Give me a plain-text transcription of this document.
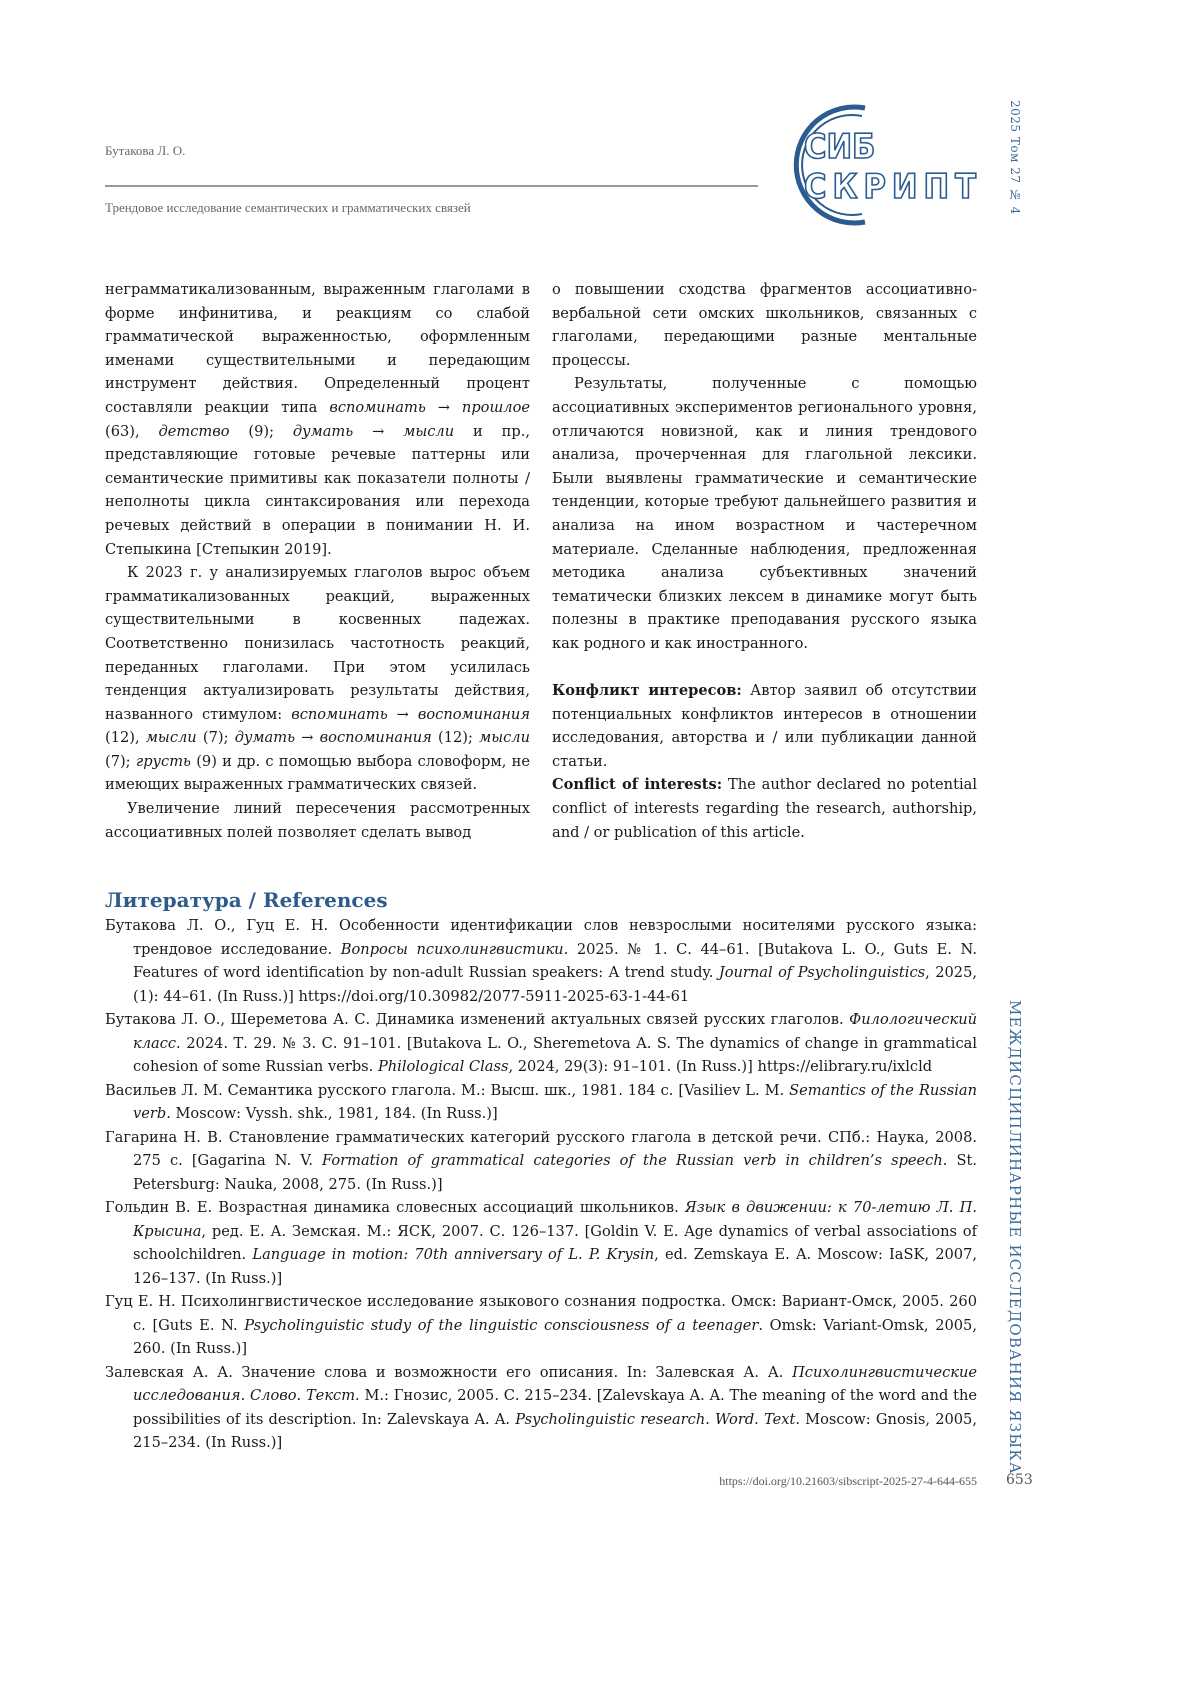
Бутакова Л. О.
Трендовое исследование семантических и грамматических связей
СИБ
СКРИПТ	2025 Том 27 № 4
МЕЖДИСЦИПЛИНАРНЫЕ ИССЛЕДОВАНИЯ ЯЗЫКА

неграмматикализованным, выраженным глаголами в форме инфинитива, и реакциям со слабой грамматической выраженностью, оформленным именами существительными и передающим инструмент действия. Определенный процент составляли реакции типа вспоминать → прошлое (63), детство (9); думать → мысли и пр., представляющие готовые речевые паттерны или семантические примитивы как показатели полноты / неполноты цикла синтаксирования или перехода речевых действий в операции в понимании Н. И. Степыкина [Степыкин 2019].

К 2023 г. у анализируемых глаголов вырос объем грамматикализованных реакций, выраженных существительными в косвенных падежах. Соответственно понизилась частотность реакций, переданных глаголами. При этом усилилась тенденция актуализировать результаты действия, названного стимулом: вспоминать → воспоминания (12), мысли (7); думать → воспоминания (12); мысли (7); грусть (9) и др. с помощью выбора словоформ, не имеющих выраженных грамматических связей.

Увеличение линий пересечения рассмотренных ассоциативных полей позволяет сделать вывод

о повышении сходства фрагментов ассоциативно-вербальной сети омских школьников, связанных с глаголами, передающими разные ментальные процессы.

Результаты, полученные с помощью ассоциативных экспериментов регионального уровня, отличаются новизной, как и линия трендового анализа, прочерченная для глагольной лексики. Были выявлены грамматические и семантические тенденции, которые требуют дальнейшего развития и анализа на ином возрастном и частеречном материале. Сделанные наблюдения, предложенная методика анализа субъективных значений тематически близких лексем в динамике могут быть полезны в практике преподавания русского языка как родного и как иностранного.

Конфликт интересов: Автор заявил об отсутствии потенциальных конфликтов интересов в отношении исследования, авторства и / или публикации данной статьи.

Conflict of interests: The author declared no potential conflict of interests regarding the research, authorship, and / or publication of this article.

Литература / References

Бутакова Л. О., Гуц Е. Н. Особенности идентификации слов невзрослыми носителями русского языка: трендовое исследование. Вопросы психолингвистики. 2025. № 1. С. 44–61. [Butakova L. O., Guts E. N. Features of word identification by non-adult Russian speakers: A trend study. Journal of Psycholinguistics, 2025, (1): 44–61. (In Russ.)] https://doi.org/10.30982/2077-5911-2025-63-1-44-61

Бутакова Л. О., Шереметова А. С. Динамика изменений актуальных связей русских глаголов. Филологический класс. 2024. Т. 29. № 3. С. 91–101. [Butakova L. O., Sheremetova A. S. The dynamics of change in grammatical cohesion of some Russian verbs. Philological Class, 2024, 29(3): 91–101. (In Russ.)] https://elibrary.ru/ixlcld

Васильев Л. М. Семантика русского глагола. М.: Высш. шк., 1981. 184 с. [Vasiliev L. M. Semantics of the Russian verb. Moscow: Vyssh. shk., 1981, 184. (In Russ.)]

Гагарина Н. В. Становление грамматических категорий русского глагола в детской речи. СПб.: Наука, 2008. 275 с. [Gagarina N. V. Formation of grammatical categories of the Russian verb in children’s speech. St. Petersburg: Nauka, 2008, 275. (In Russ.)]

Гольдин В. Е. Возрастная динамика словесных ассоциаций школьников. Язык в движении: к 70-летию Л. П. Крысина, ред. Е. А. Земская. М.: ЯСК, 2007. С. 126–137. [Goldin V. E. Age dynamics of verbal associations of schoolchildren. Language in motion: 70th anniversary of L. P. Krysin, ed. Zemskaya E. A. Moscow: IaSK, 2007, 126–137. (In Russ.)]

Гуц Е. Н. Психолингвистическое исследование языкового сознания подростка. Омск: Вариант-Омск, 2005. 260 с. [Guts E. N. Psycholinguistic study of the linguistic consciousness of a teenager. Omsk: Variant-Omsk, 2005, 260. (In Russ.)]

Залевская А. А. Значение слова и возможности его описания. In: Залевская А. А. Психолингвистические исследования. Слово. Текст. М.: Гнозис, 2005. С. 215–234. [Zalevskaya A. A. The meaning of the word and the possibilities of its description. In: Zalevskaya A. A. Psycholinguistic research. Word. Text. Moscow: Gnosis, 2005, 215–234. (In Russ.)]

https://doi.org/10.21603/sibscript-2025-27-4-644-655 653
